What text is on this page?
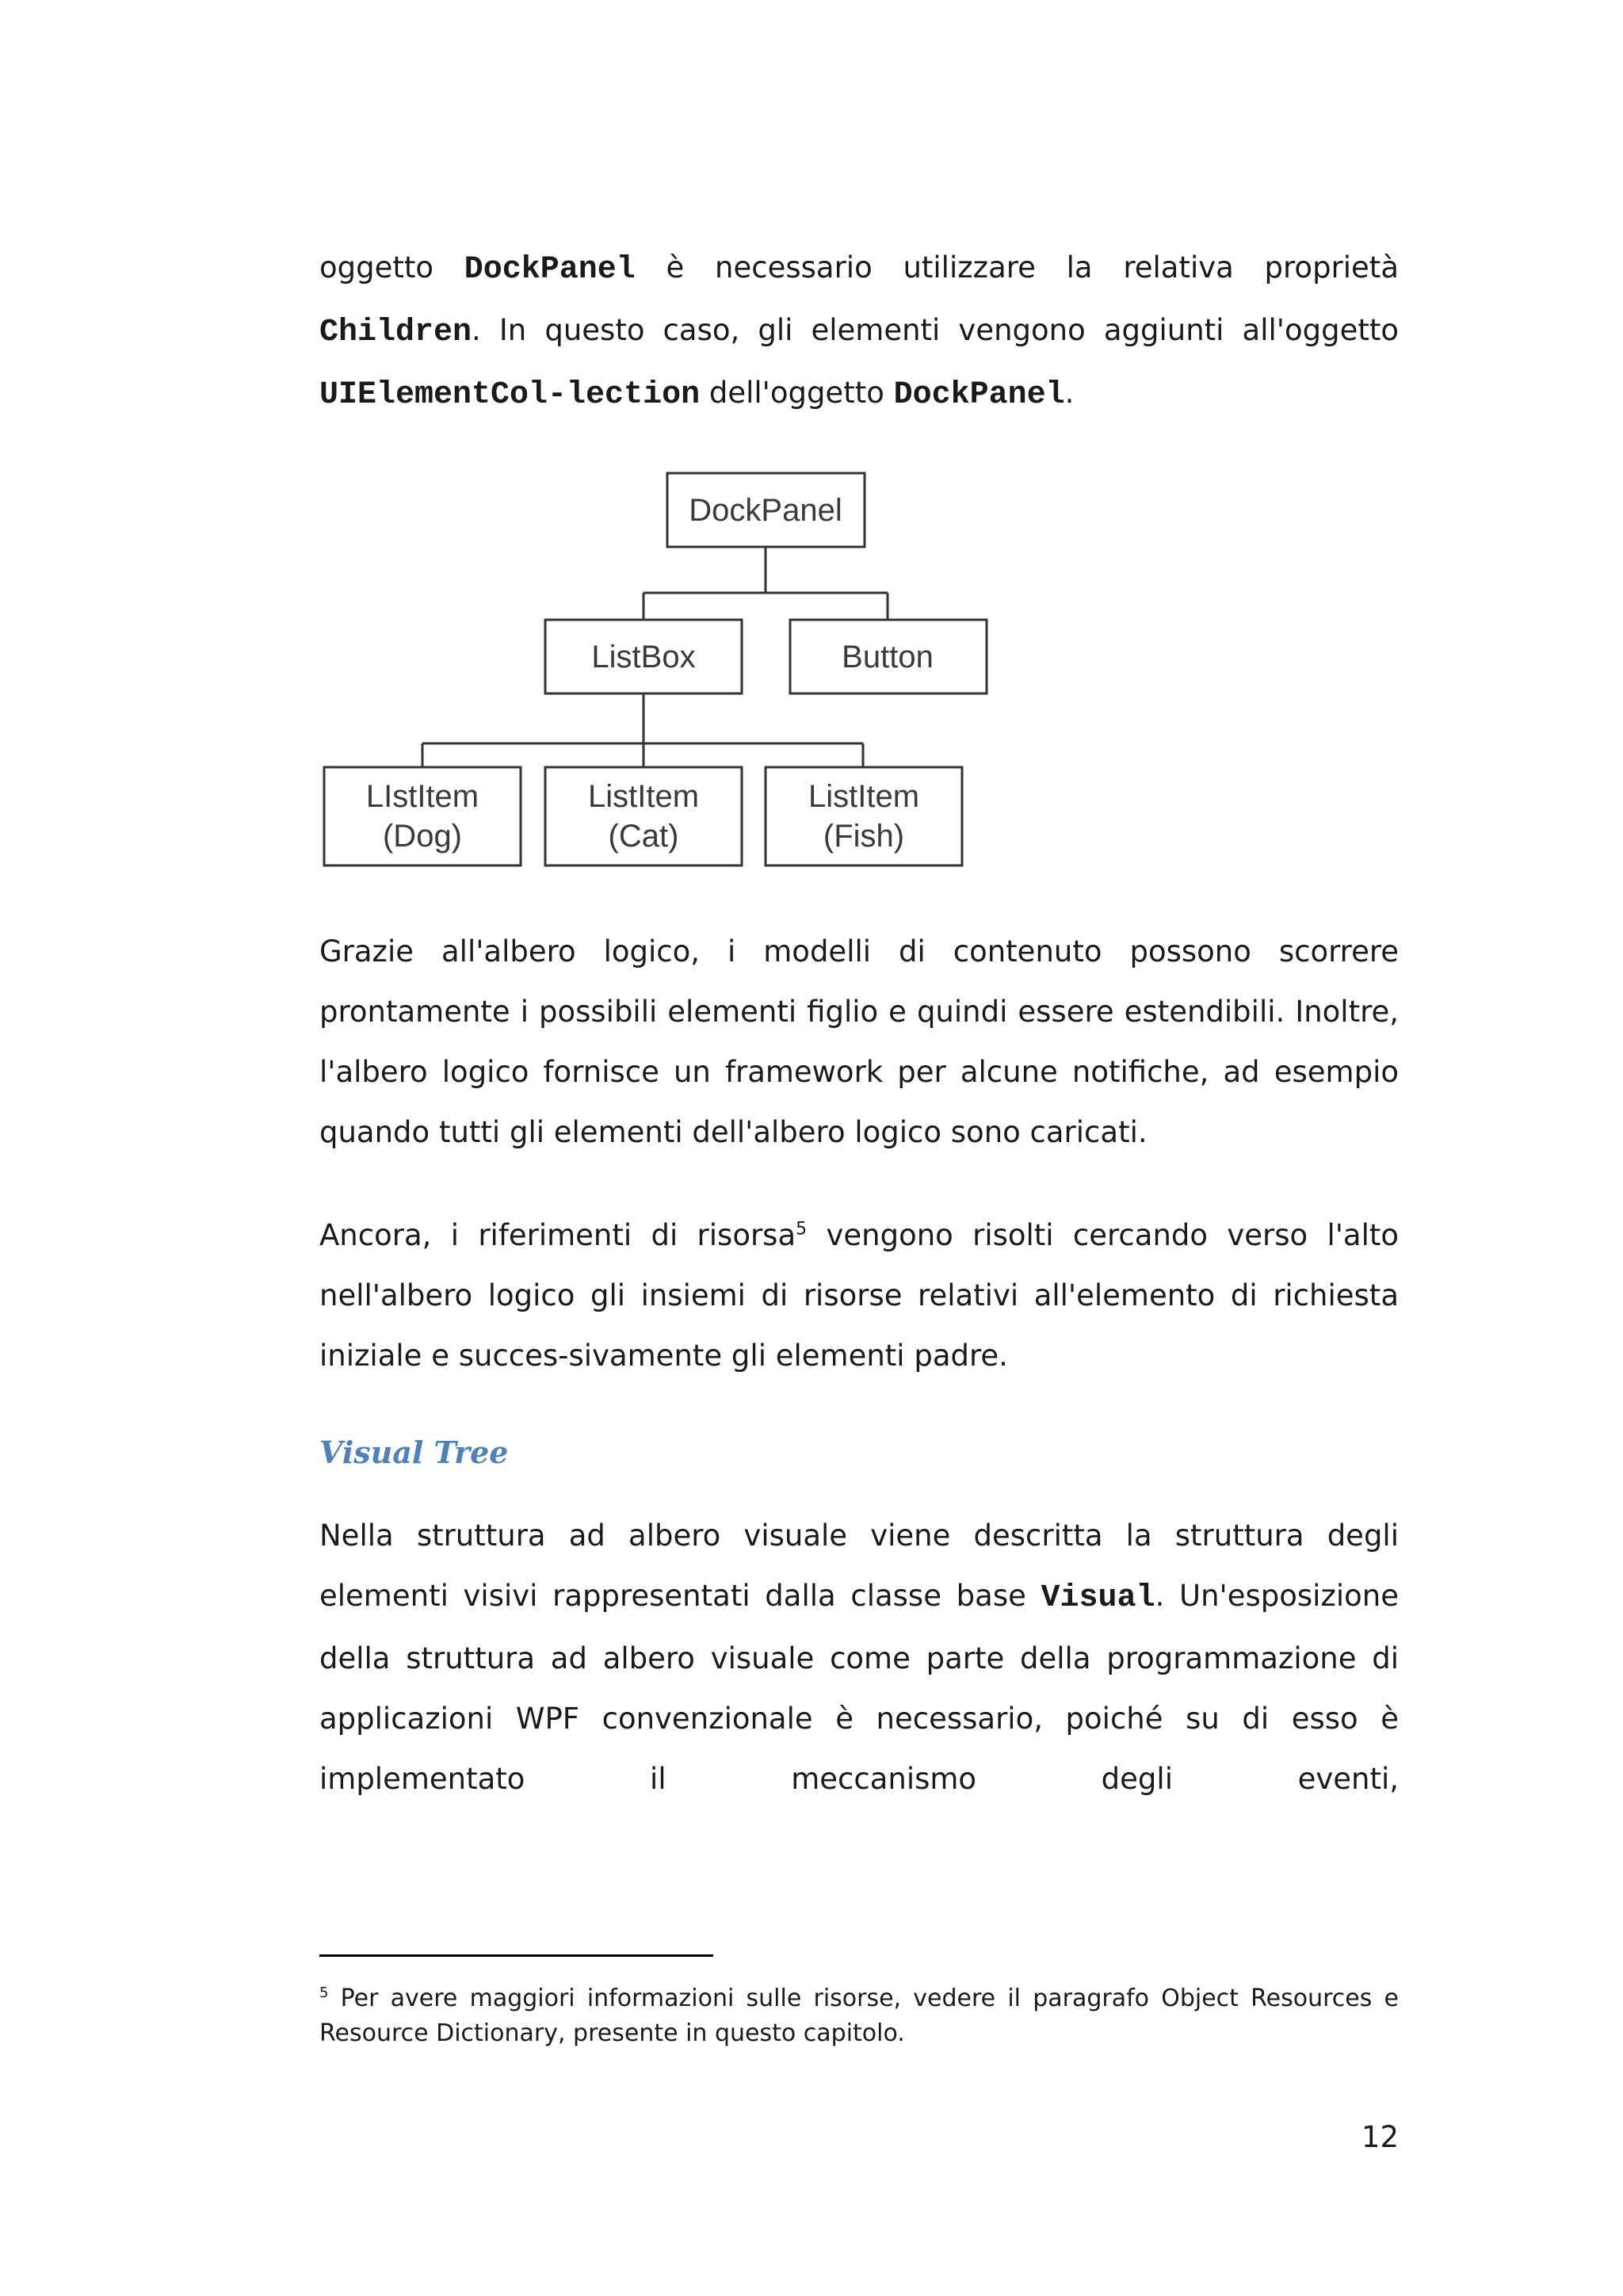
oggetto DockPanel è necessario utilizzare la relativa proprietà Children. In questo caso, gli elementi vengono aggiunti all'oggetto UIElementCol-lection dell'oggetto DockPanel.
DockPanel
ListBox	Button
LIstItem
(Dog)
ListItem
(Cat)
ListItem
(Fish)
Grazie all'albero logico, i modelli di contenuto possono scorrere prontamente i possibili elementi figlio e quindi essere estendibili. Inoltre, l'albero logico fornisce un framework per alcune notifiche, ad esempio quando tutti gli elementi dell'albero logico sono caricati.
Ancora, i riferimenti di risorsa$^5$ vengono risolti cercando verso l'alto nell'albero logico gli insiemi di risorse relativi all'elemento di richiesta iniziale e succes-sivamente gli elementi padre.
Visual Tree
Nella struttura ad albero visuale viene descritta la struttura degli elementi visivi rappresentati dalla classe base Visual. Un'esposizione della struttura ad albero visuale come parte della programmazione di applicazioni WPF convenzionale è necessario, poiché su di esso è implementato il meccanismo degli eventi,
$^5$ Per avere maggiori informazioni sulle risorse, vedere il paragrafo Object Resources e Resource Dictionary, presente in questo capitolo.
12
